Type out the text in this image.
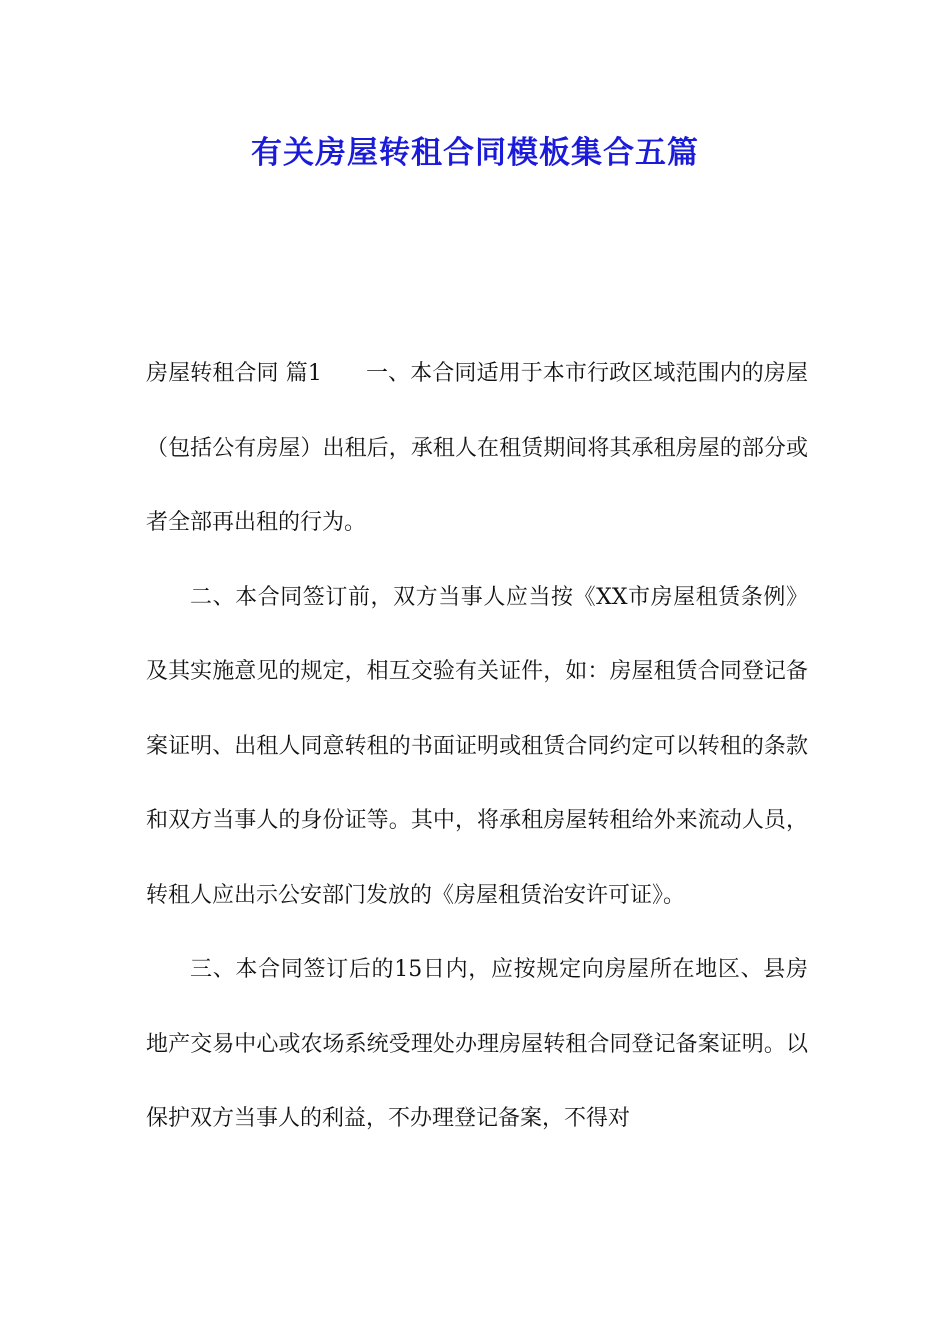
有关房屋转租合同模板集合五篇

房屋转租合同 篇1 一、本合同适用于本市行政区域范围内的房屋（包括公有房屋）出租后，承租人在租赁期间将其承租房屋的部分或者全部再出租的行为。

二、本合同签订前，双方当事人应当按《XX市房屋租赁条例》及其实施意见的规定，相互交验有关证件，如：房屋租赁合同登记备案证明、出租人同意转租的书面证明或租赁合同约定可以转租的条款和双方当事人的身份证等。其中，将承租房屋转租给外来流动人员，转租人应出示公安部门发放的《房屋租赁治安许可证》。

三、本合同签订后的15日内，应按规定向房屋所在地区、县房地产交易中心或农场系统受理处办理房屋转租合同登记备案证明。以保护双方当事人的利益，不办理登记备案，不得对
